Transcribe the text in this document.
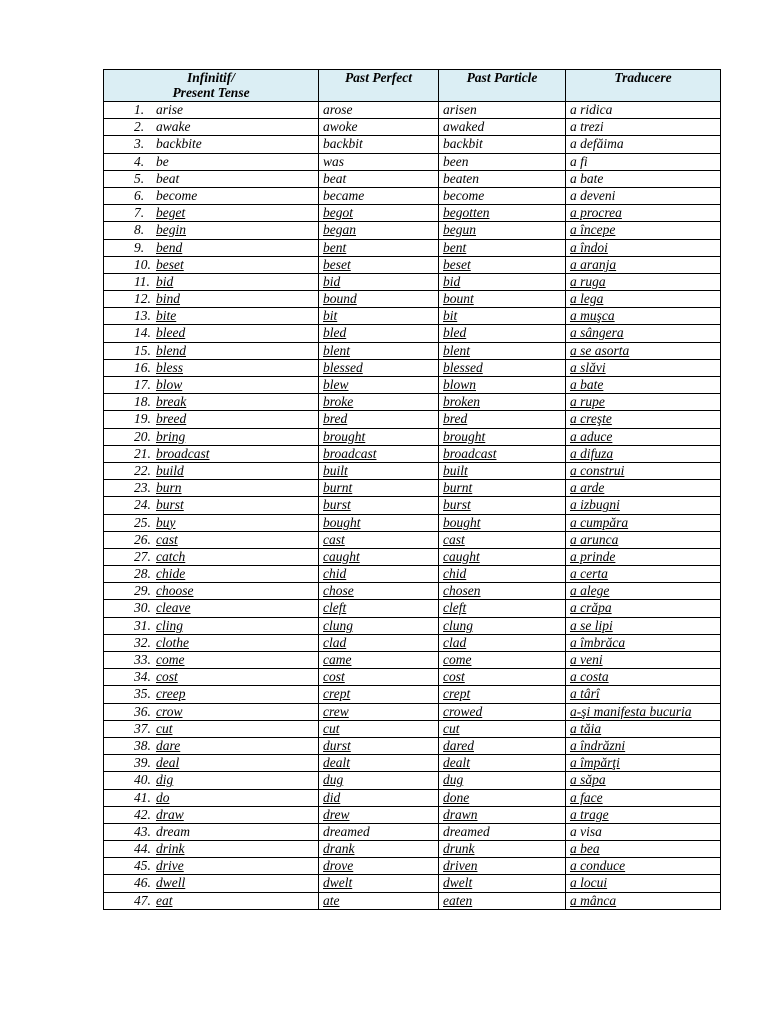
Infinitif/
Present Tense	Past Perfect	Past Particle	Traducere
1. arise	arose	arisen	a ridica
2. awake	awoke	awaked	a trezi
3. backbite	backbit	backbit	a defăima
4. be	was	been	a fi
5. beat	beat	beaten	a bate
6. become	became	become	a deveni
7. beget	begot	begotten	a procrea
8. begin	began	begun	a începe
9. bend	bent	bent	a îndoi
10. beset	beset	beset	a aranja
11. bid	bid	bid	a ruga
12. bind	bound	bount	a lega
13. bite	bit	bit	a muşca
14. bleed	bled	bled	a sângera
15. blend	blent	blent	a se asorta
16. bless	blessed	blessed	a slăvi
17. blow	blew	blown	a bate
18. break	broke	broken	a rupe
19. breed	bred	bred	a creşte
20. bring	brought	brought	a aduce
21. broadcast	broadcast	broadcast	a difuza
22. build	built	built	a construi
23. burn	burnt	burnt	a arde
24. burst	burst	burst	a izbugni
25. buy	bought	bought	a cumpăra
26. cast	cast	cast	a arunca
27. catch	caught	caught	a prinde
28. chide	chid	chid	a certa
29. choose	chose	chosen	a alege
30. cleave	cleft	cleft	a crăpa
31. cling	clung	clung	a se lipi
32. clothe	clad	clad	a îmbrăca
33. come	came	come	a veni
34. cost	cost	cost	a costa
35. creep	crept	crept	a târî
36. crow	crew	crowed	a-şi manifesta bucuria
37. cut	cut	cut	a tăia
38. dare	durst	dared	a îndrăzni
39. deal	dealt	dealt	a împărţi
40. dig	dug	dug	a săpa
41. do	did	done	a face
42. draw	drew	drawn	a trage
43. dream	dreamed	dreamed	a visa
44. drink	drank	drunk	a bea
45. drive	drove	driven	a conduce
46. dwell	dwelt	dwelt	a locui
47. eat	ate	eaten	a mânca
